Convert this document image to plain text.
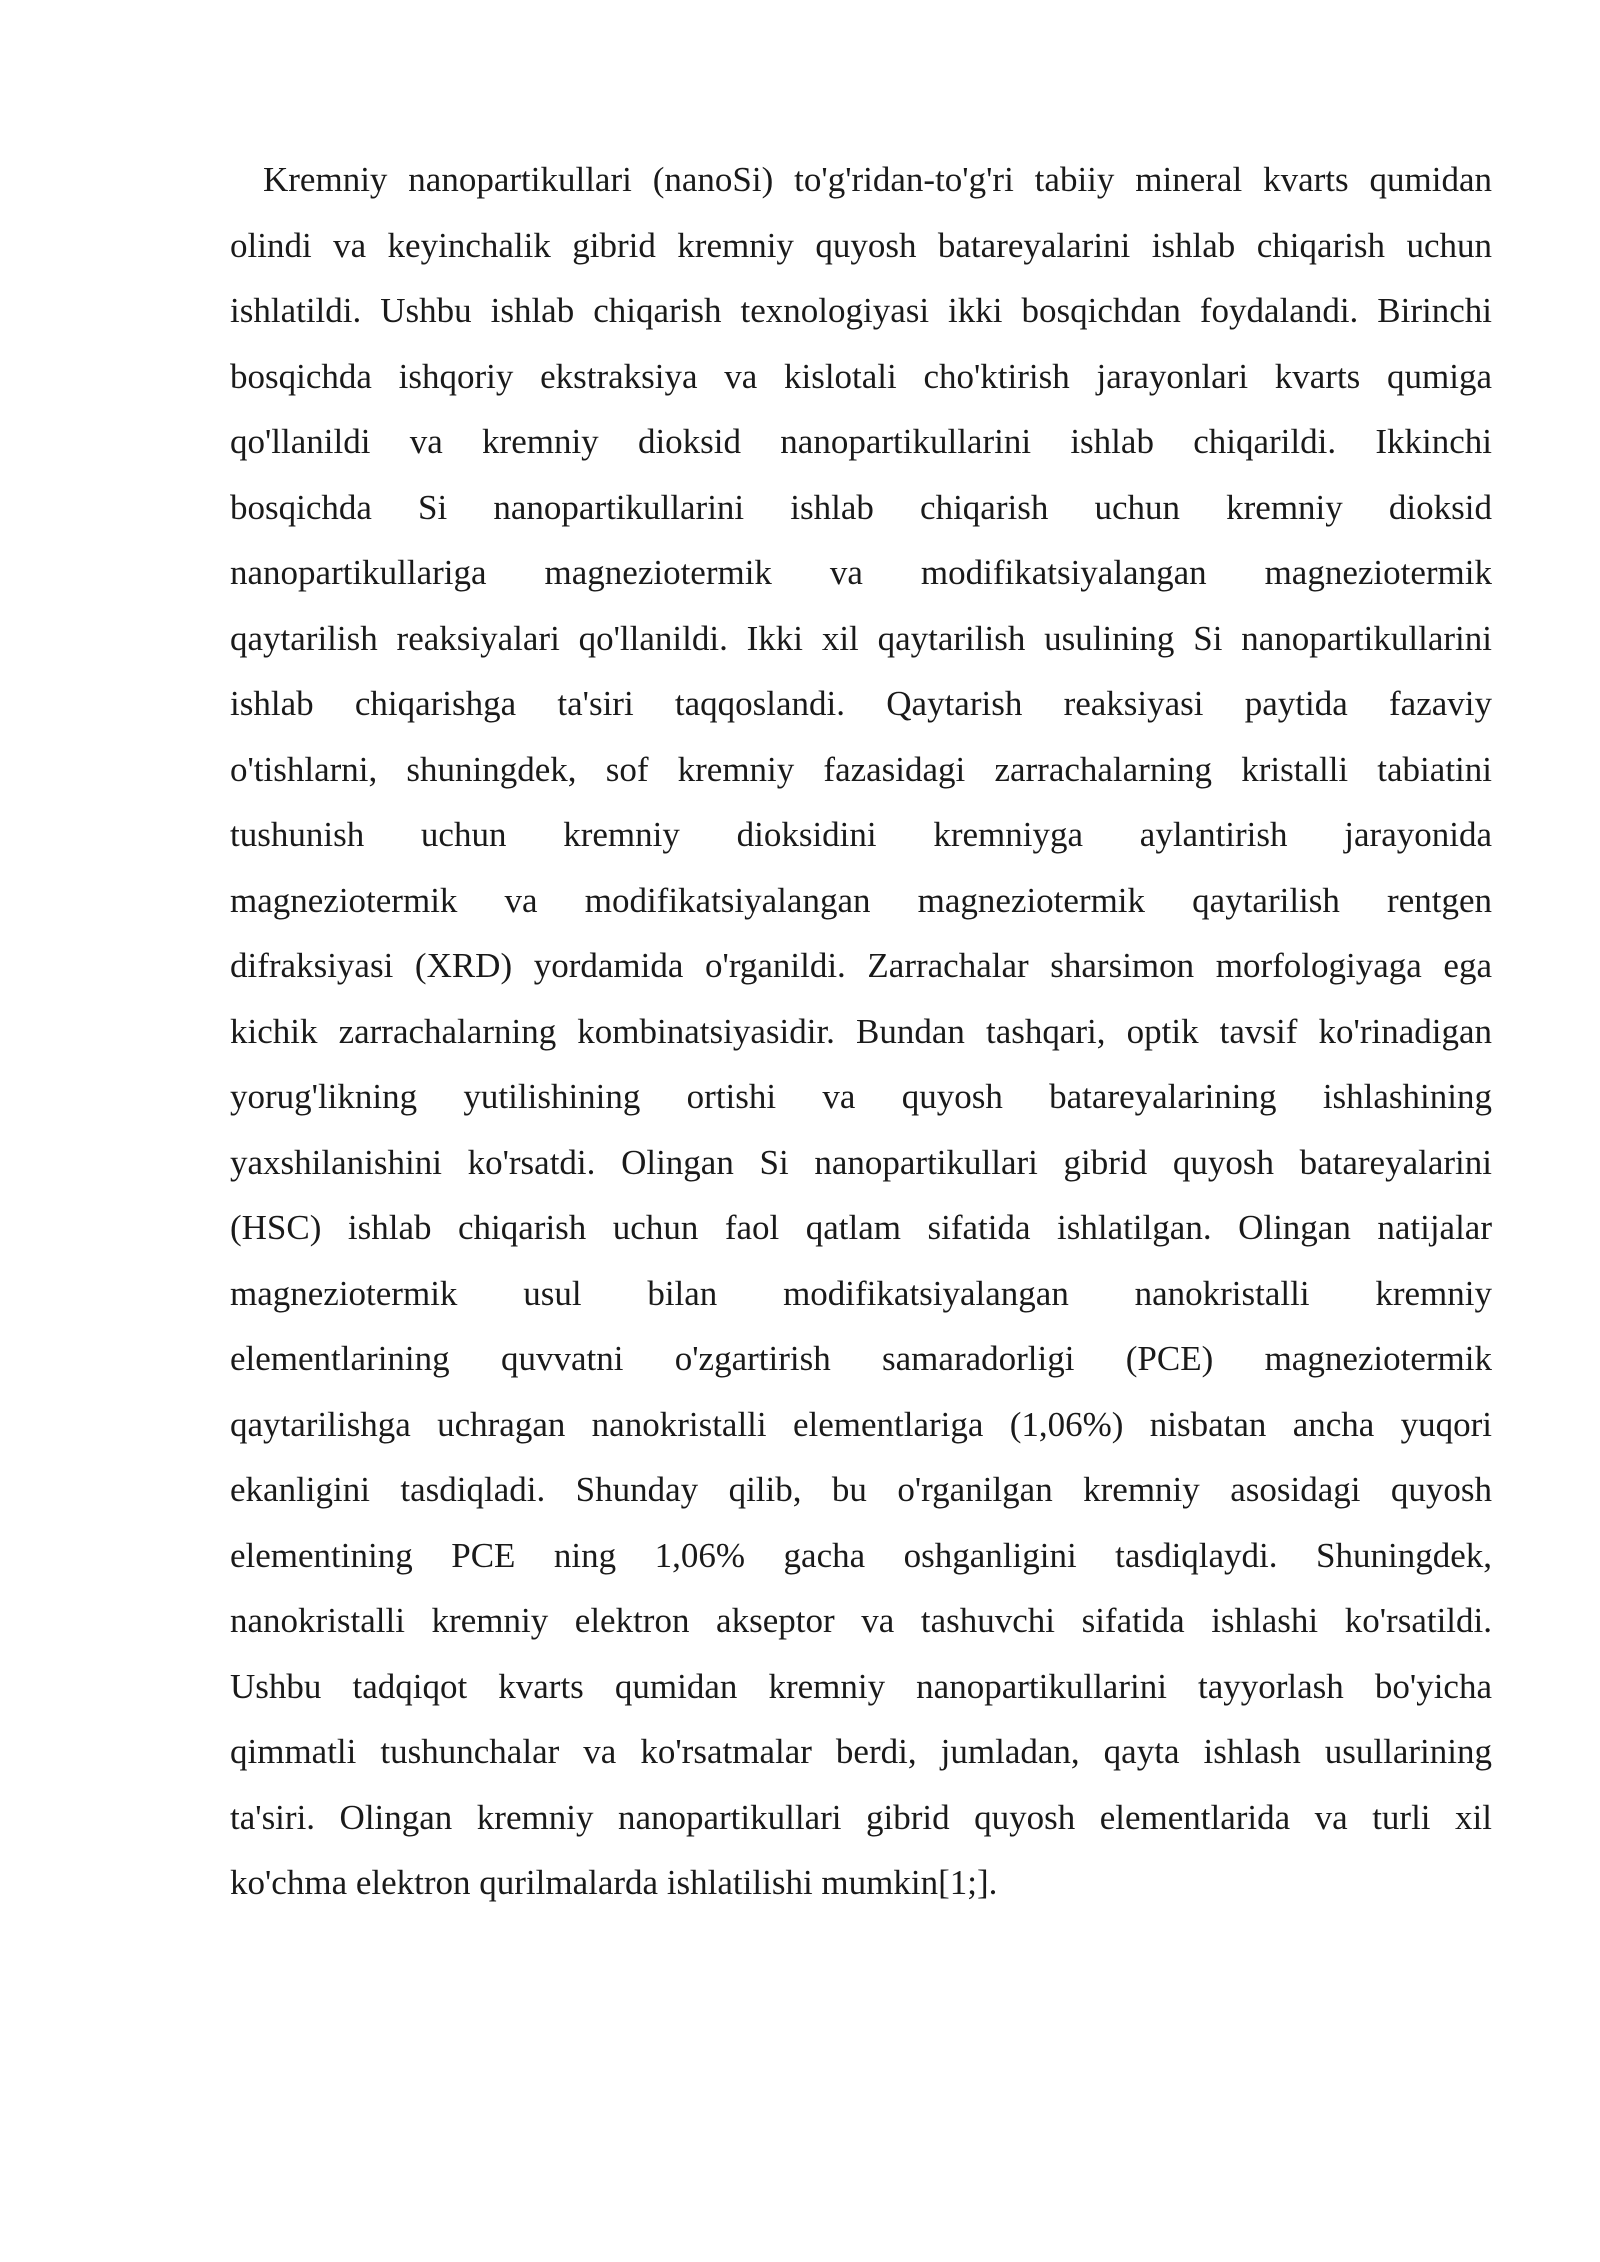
Kremniy nanopartikullari (nanoSi) to'g'ridan-to'g'ri tabiiy mineral kvarts qumidan
olindi va keyinchalik gibrid kremniy quyosh batareyalarini ishlab chiqarish uchun
ishlatildi. Ushbu ishlab chiqarish texnologiyasi ikki bosqichdan foydalandi. Birinchi
bosqichda ishqoriy ekstraksiya va kislotali cho'ktirish jarayonlari kvarts qumiga
qo'llanildi va kremniy dioksid nanopartikullarini ishlab chiqarildi. Ikkinchi
bosqichda Si nanopartikullarini ishlab chiqarish uchun kremniy dioksid
nanopartikullariga magneziotermik va modifikatsiyalangan magneziotermik
qaytarilish reaksiyalari qo'llanildi. Ikki xil qaytarilish usulining Si nanopartikullarini
ishlab chiqarishga ta'siri taqqoslandi. Qaytarish reaksiyasi paytida fazaviy
o'tishlarni, shuningdek, sof kremniy fazasidagi zarrachalarning kristalli tabiatini
tushunish uchun kremniy dioksidini kremniyga aylantirish jarayonida
magneziotermik va modifikatsiyalangan magneziotermik qaytarilish rentgen
difraksiyasi (XRD) yordamida o'rganildi. Zarrachalar sharsimon morfologiyaga ega
kichik zarrachalarning kombinatsiyasidir. Bundan tashqari, optik tavsif ko'rinadigan
yorug'likning yutilishining ortishi va quyosh batareyalarining ishlashining
yaxshilanishini ko'rsatdi. Olingan Si nanopartikullari gibrid quyosh batareyalarini
(HSC) ishlab chiqarish uchun faol qatlam sifatida ishlatilgan. Olingan natijalar
magneziotermik usul bilan modifikatsiyalangan nanokristalli kremniy
elementlarining quvvatni o'zgartirish samaradorligi (PCE) magneziotermik
qaytarilishga uchragan nanokristalli elementlariga (1,06%) nisbatan ancha yuqori
ekanligini tasdiqladi. Shunday qilib, bu o'rganilgan kremniy asosidagi quyosh
elementining PCE ning 1,06% gacha oshganligini tasdiqlaydi. Shuningdek,
nanokristalli kremniy elektron akseptor va tashuvchi sifatida ishlashi ko'rsatildi.
Ushbu tadqiqot kvarts qumidan kremniy nanopartikullarini tayyorlash bo'yicha
qimmatli tushunchalar va ko'rsatmalar berdi, jumladan, qayta ishlash usullarining
ta'siri. Olingan kremniy nanopartikullari gibrid quyosh elementlarida va turli xil
ko'chma elektron qurilmalarda ishlatilishi mumkin[1;].
